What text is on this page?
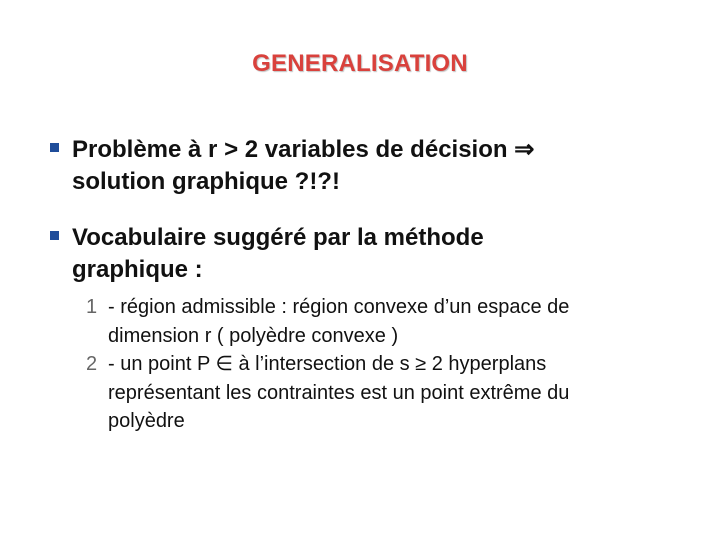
GENERALISATION
Problème à r > 2 variables de décision ⇒
solution graphique ?!?!
Vocabulaire suggéré par la méthode
graphique :
1 - région admissible : région convexe d’un espace de
dimension r ( polyèdre convexe )
2 - un point P ∈ à l’intersection de s ≥ 2 hyperplans
représentant les contraintes est un point extrême du
polyèdre
